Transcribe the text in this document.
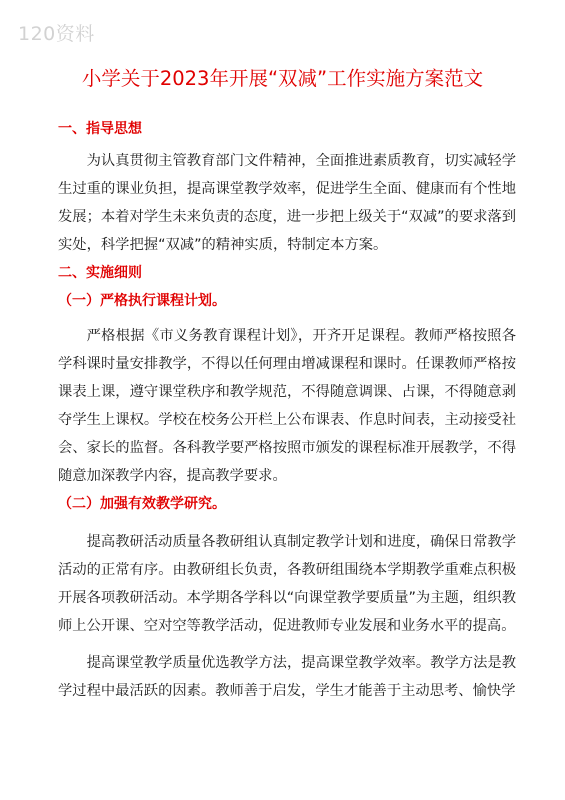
120资料
小学关于2023年开展“双减”工作实施方案范文
一、指导思想

为认真贯彻主管教育部门文件精神，全面推进素质教育，切实减轻学生过重的课业负担，提高课堂教学效率，促进学生全面、健康而有个性地发展；本着对学生未来负责的态度，进一步把上级关于“双减”的要求落到实处，科学把握“双减”的精神实质，特制定本方案。

二、实施细则
（一）严格执行课程计划。

严格根据《市义务教育课程计划》，开齐开足课程。教师严格按照各学科课时量安排教学，不得以任何理由增减课程和课时。任课教师严格按课表上课，遵守课堂秩序和教学规范，不得随意调课、占课，不得随意剥夺学生上课权。学校在校务公开栏上公布课表、作息时间表，主动接受社会、家长的监督。各科教学要严格按照市颁发的课程标准开展教学，不得随意加深教学内容，提高教学要求。

（二）加强有效教学研究。

提高教研活动质量各教研组认真制定教学计划和进度，确保日常教学活动的正常有序。由教研组长负责，各教研组围绕本学期教学重难点积极开展各项教研活动。本学期各学科以“向课堂教学要质量”为主题，组织教师上公开课、空对空等教学活动，促进教师专业发展和业务水平的提高。

提高课堂教学质量优选教学方法，提高课堂教学效率。教学方法是教学过程中最活跃的因素。教师善于启发，学生才能善于主动思考、愉快学
